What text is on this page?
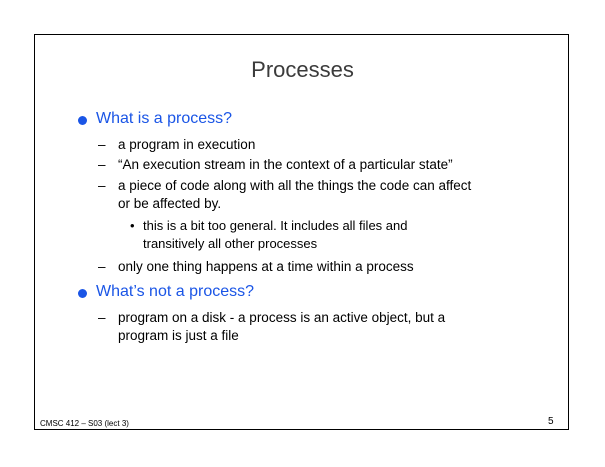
Processes
What is a process?
– a program in execution
– “An execution stream in the context of a particular state”
– a piece of code along with all the things the code can affect
or be affected by.
• this is a bit too general. It includes all files and
transitively all other processes
– only one thing happens at a time within a process
What’s not a process?
– program on a disk - a process is an active object, but a
program is just a file
CMSC 412 – S03 (lect 3)	5
